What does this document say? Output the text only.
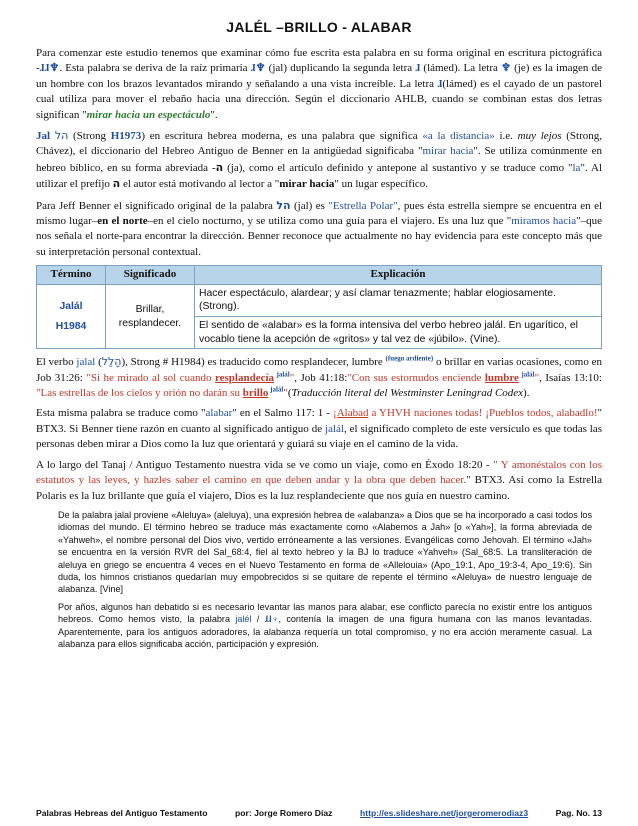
JALÉL –BRILLO - ALABAR

Para comenzar este estudio tenemos que examinar cómo fue escrita esta palabra en su forma original en escritura pictográfica -ɺɺ♆. Esta palabra se deriva de la raíz primaria ɺ♆ (jal) duplicando la segunda letra ɺ (lámed). La letra ♆ (je) es la imagen de un hombre con los brazos levantados mirando y señalando a una vista increíble. La letra ɺ(lámed) es el cayado de un pastorel cual utiliza para mover el rebaño hacia una dirección. Según el diccionario AHLB, cuando se combinan estas dos letras significan "mirar hacia un espectáculo".

Jal הל (Strong H1973) en escritura hebrea moderna, es una palabra que significa «a la distancia» i.e. muy lejos (Strong, Chávez), el diccionario del Hebreo Antiguo de Benner en la antigüedad significaba "mirar hacia". Se utiliza comúnmente en hebreo bíblico, en su forma abreviada -ה (ja), como el artículo definido y antepone al sustantivo y se traduce como "la". Al utilizar el prefijo ה el autor está motivando al lector a "mirar hacia" un lugar específico.

Para Jeff Benner el significado original de la palabra הל (jal) es "Estrella Polar", pues ésta estrella siempre se encuentra en el mismo lugar–en el norte–en el cielo nocturno, y se utiliza como una guía para el viajero. Es una luz que "miramos hacia"–que nos señala el norte-para encontrar la dirección. Benner reconoce que actualmente no hay evidencia para este concepto más que su interpretación personal contextual.

Término	Significado	Explicación

Jalál
H1984	Brillar, resplandecer.	Hacer espectáculo, alardear; y así clamar tenazmente; hablar elogiosamente. (Strong).
		El sentido de «alabar» es la forma intensiva del verbo hebreo jalál. En ugarítico, el vocablo tiene la acepción de «gritos» y tal vez de «júbilo». (Vine).

El verbo jalal (הָלַל), Strong # H1984) es traducido como resplandecer, lumbre $^{(fuego ardiente)}$ o brillar en varias ocasiones, como en Job 31:26: "Si he mirado al sol cuando resplandecía $^{jalál}$", Job 41:18:"Con sus estornudos enciende lumbre $^{jalál}$", Isaías 13:10: "Las estrellas de los cielos y orión no darán su brillo $^{jalál}$"(Traducción literal del Westminster Leningrad Codex).

Esta misma palabra se traduce como "alabar" en el Salmo 117: 1 - ¡Alabad a YHVH naciones todas! ¡Pueblos todos, alabadlo!" BTX3. Si Benner tiene razón en cuanto al significado antiguo de jalál, el significado completo de este versículo es que todas las personas deben mirar a Dios como la luz que orientará y guiará su viaje en el camino de la vida.

A lo largo del Tanaj / Antiguo Testamento nuestra vida se ve como un viaje, como en Éxodo 18:20 - " Y amonéstalos con los estatutos y las leyes, y hazles saber el camino en que deben andar y la obra que deben hacer." BTX3. Así como la Estrella Polaris es la luz brillante que guía el viajero, Dios es la luz resplandeciente que nos guía en nuestro camino.

De la palabra jalal proviene «Aleluya» (aleluya), una expresión hebrea de «alabanza» a Dios que se ha incorporado a casi todos los idiomas del mundo. El término hebreo se traduce más exactamente como «Alabemos a Jah» [o «Yah»], la forma abreviada de «Yahweh», el nombre personal del Dios vivo, vertido erróneamente a las versiones. Evangélicas como Jehovah. El término «Jah» se encuentra en la versión RVR del Sal_68:4, fiel al texto hebreo y la BJ lo traduce «Yahveh» (Sal_68:5. La transliteración de aleluya en griego se encuentra 4 veces en el Nuevo Testamento en forma de «Allelouia» (Apo_19:1, Apo_19:3-4, Apo_19:6). Sin duda, los himnos cristianos quedarían muy empobrecidos si se quitare de repente el término «Aleluya» de nuestro lenguaje de alabanza. [Vine]

Por años, algunos han debatido si es necesario levantar las manos para alabar, ese conflicto parecía no existir entre los antiguos hebreos. Como hemos visto, la palabra jalél / ɺɺ♆, contenía la imagen de una figura humana con las manos levantadas. Aparentemente, para los antiguos adoradores, la alabanza requería un total compromiso, y no era acción meramente casual. La alabanza para ellos significaba acción, participación y expresión.

Palabras Hebreas del Antiguo Testamento	por: Jorge Romero Díaz	http://es.slideshare.net/jorgeromerodiaz3	Pag. No. 13
